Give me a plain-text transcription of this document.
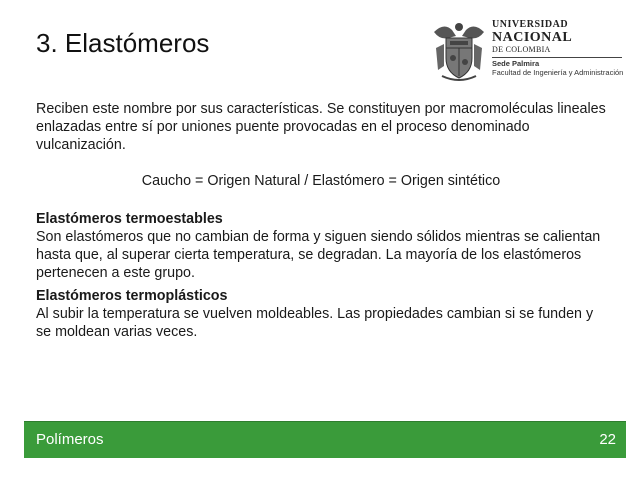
3. Elastómeros
UNIVERSIDAD
NACIONAL
DE COLOMBIA
Sede Palmira
Facultad de Ingeniería y Administración

Reciben este nombre por sus características. Se constituyen por macromoléculas lineales enlazadas entre sí por uniones puente provocadas en el proceso denominado vulcanización.

Caucho = Origen Natural / Elastómero = Origen sintético

Elastómeros termoestables

Son elastómeros que no cambian de forma y siguen siendo sólidos mientras se calientan hasta que, al superar cierta temperatura, se degradan. La mayoría de los elastómeros pertenecen a este grupo.

Elastómeros termoplásticos

Al subir la temperatura se vuelven moldeables. Las propiedades cambian si se funden y se moldean varias veces.

Polímeros	22
